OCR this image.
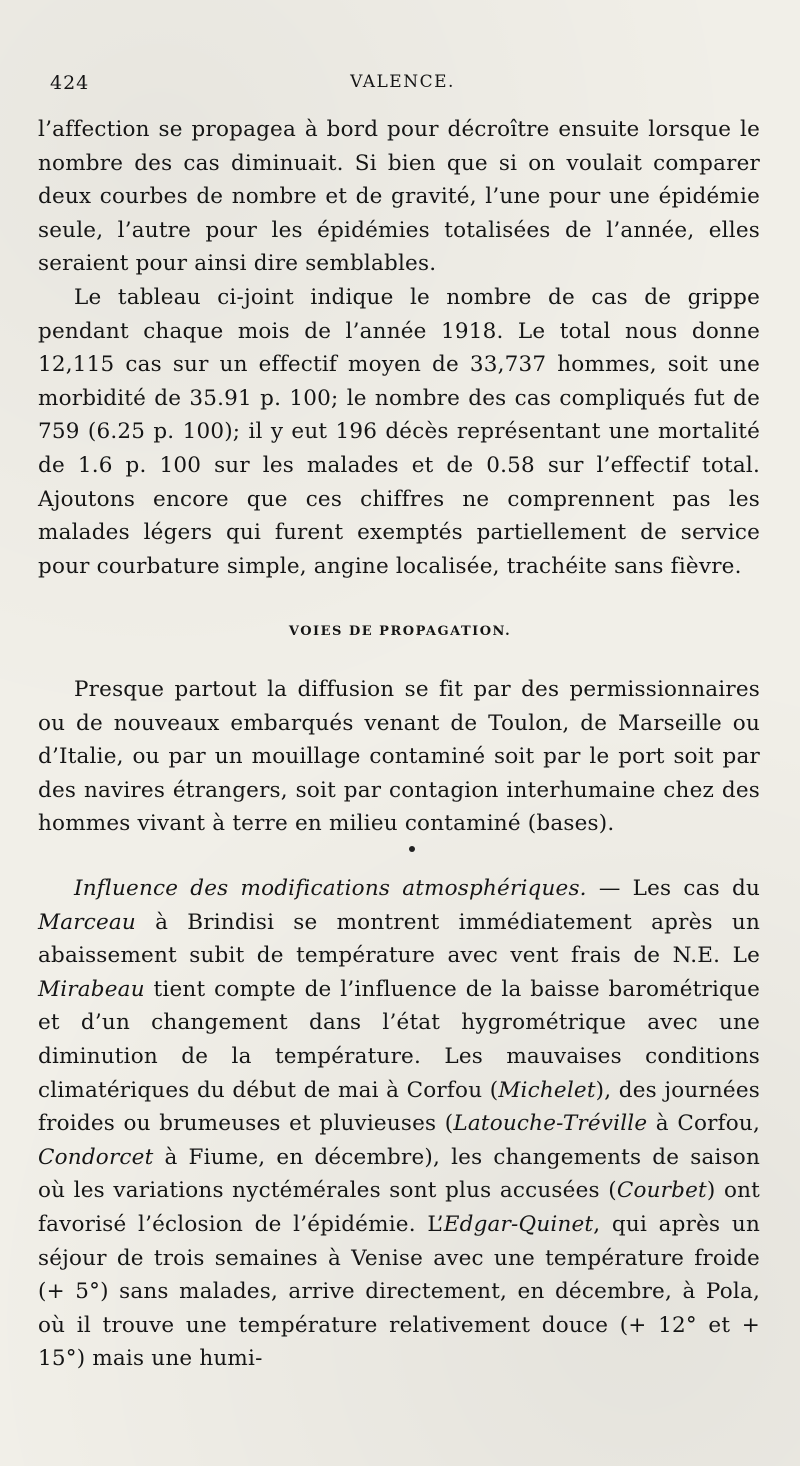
424	VALENCE.

l’affection se propagea à bord pour décroître ensuite lorsque le nombre des cas diminuait. Si bien que si on voulait comparer deux courbes de nombre et de gravité, l’une pour une épidémie seule, l’autre pour les épidémies totalisées de l’année, elles seraient pour ainsi dire semblables.

Le tableau ci-joint indique le nombre de cas de grippe pendant chaque mois de l’année 1918. Le total nous donne 12,115 cas sur un effectif moyen de 33,737 hommes, soit une morbidité de 35.91 p. 100; le nombre des cas compliqués fut de 759 (6.25 p. 100); il y eut 196 décès représentant une mortalité de 1.6 p. 100 sur les malades et de 0.58 sur l’effectif total. Ajoutons encore que ces chiffres ne comprennent pas les malades légers qui furent exemptés partiellement de service pour courbature simple, angine localisée, trachéite sans fièvre.

VOIES DE PROPAGATION.

Presque partout la diffusion se fit par des permissionnaires ou de nouveaux embarqués venant de Toulon, de Marseille ou d’Italie, ou par un mouillage contaminé soit par le port soit par des navires étrangers, soit par contagion interhumaine chez des hommes vivant à terre en milieu contaminé (bases).

Influence des modifications atmosphériques. — Les cas du Marceau à Brindisi se montrent immédiatement après un abaissement subit de température avec vent frais de N.E. Le Mirabeau tient compte de l’influence de la baisse barométrique et d’un changement dans l’état hygrométrique avec une diminution de la température. Les mauvaises conditions climatériques du début de mai à Corfou (Michelet), des journées froides ou brumeuses et pluvieuses (Latouche-Tréville à Corfou, Condorcet à Fiume, en décembre), les changements de saison où les variations nyctémérales sont plus accusées (Courbet) ont favorisé l’éclosion de l’épidémie. L’Edgar-Quinet, qui après un séjour de trois semaines à Venise avec une température froide (+ 5°) sans malades, arrive directement, en décembre, à Pola, où il trouve une température relativement douce (+ 12° et + 15°) mais une humi-
